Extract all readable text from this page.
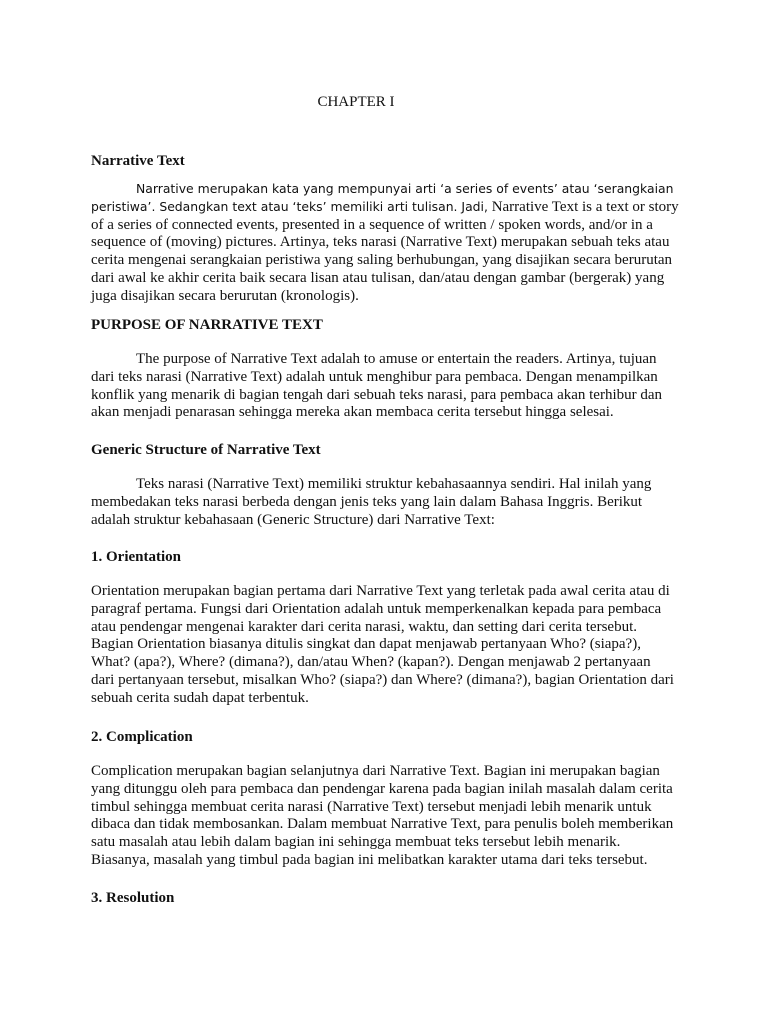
CHAPTER I
Narrative Text
Narrative merupakan kata yang mempunyai arti ‘a series of events’ atau ‘serangkaian
peristiwa’. Sedangkan text atau ‘teks’ memiliki arti tulisan. Jadi, Narrative Text is a text or story
of a series of connected events, presented in a sequence of written / spoken words, and/or in a
sequence of (moving) pictures. Artinya, teks narasi (Narrative Text) merupakan sebuah teks atau
cerita mengenai serangkaian peristiwa yang saling berhubungan, yang disajikan secara berurutan
dari awal ke akhir cerita baik secara lisan atau tulisan, dan/atau dengan gambar (bergerak) yang
juga disajikan secara berurutan (kronologis).
PURPOSE OF NARRATIVE TEXT
The purpose of Narrative Text adalah to amuse or entertain the readers. Artinya, tujuan
dari teks narasi (Narrative Text) adalah untuk menghibur para pembaca. Dengan menampilkan
konflik yang menarik di bagian tengah dari sebuah teks narasi, para pembaca akan terhibur dan
akan menjadi penarasan sehingga mereka akan membaca cerita tersebut hingga selesai.
Generic Structure of Narrative Text
Teks narasi (Narrative Text) memiliki struktur kebahasaannya sendiri. Hal inilah yang
membedakan teks narasi berbeda dengan jenis teks yang lain dalam Bahasa Inggris. Berikut
adalah struktur kebahasaan (Generic Structure) dari Narrative Text:
1. Orientation
Orientation merupakan bagian pertama dari Narrative Text yang terletak pada awal cerita atau di
paragraf pertama. Fungsi dari Orientation adalah untuk memperkenalkan kepada para pembaca
atau pendengar mengenai karakter dari cerita narasi, waktu, dan setting dari cerita tersebut.
Bagian Orientation biasanya ditulis singkat dan dapat menjawab pertanyaan Who? (siapa?),
What? (apa?), Where? (dimana?), dan/atau When? (kapan?). Dengan menjawab 2 pertanyaan
dari pertanyaan tersebut, misalkan Who? (siapa?) dan Where? (dimana?), bagian Orientation dari
sebuah cerita sudah dapat terbentuk.
2. Complication
Complication merupakan bagian selanjutnya dari Narrative Text. Bagian ini merupakan bagian
yang ditunggu oleh para pembaca dan pendengar karena pada bagian inilah masalah dalam cerita
timbul sehingga membuat cerita narasi (Narrative Text) tersebut menjadi lebih menarik untuk
dibaca dan tidak membosankan. Dalam membuat Narrative Text, para penulis boleh memberikan
satu masalah atau lebih dalam bagian ini sehingga membuat teks tersebut lebih menarik.
Biasanya, masalah yang timbul pada bagian ini melibatkan karakter utama dari teks tersebut.
3. Resolution
